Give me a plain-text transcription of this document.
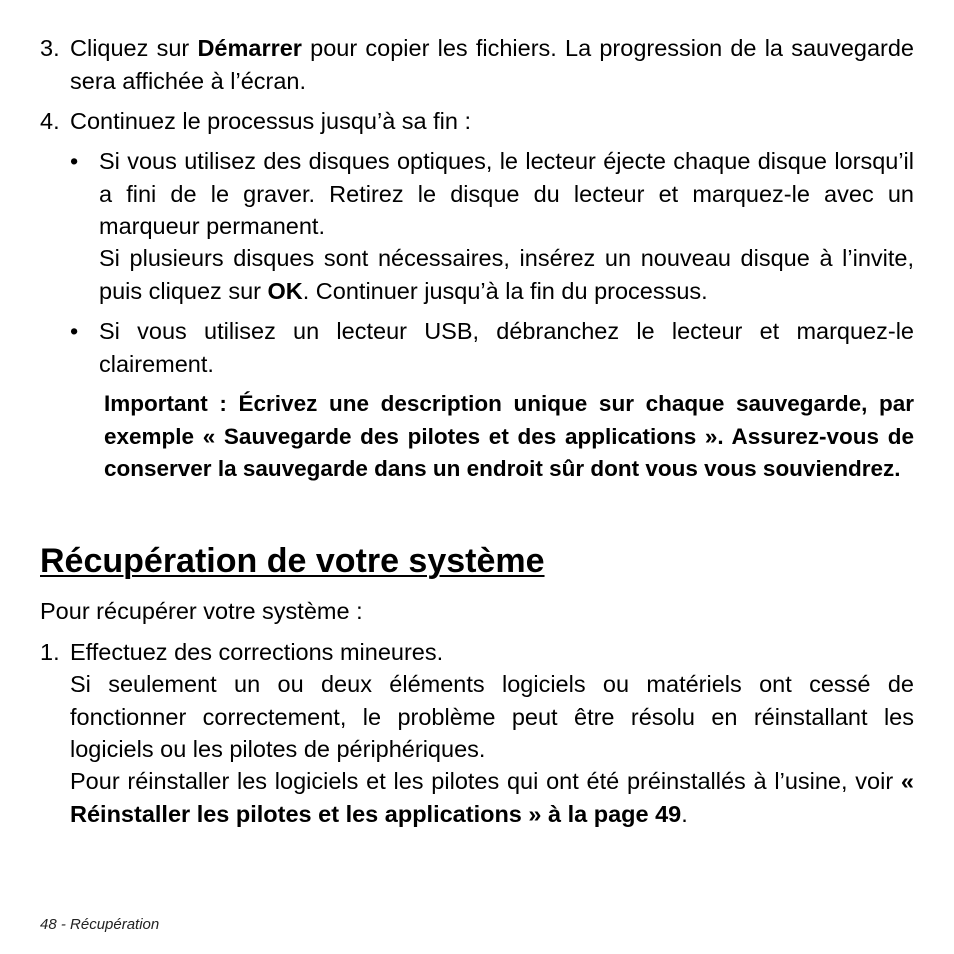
3. Cliquez sur Démarrer pour copier les fichiers. La progression de la sauvegarde sera affichée à l’écran.

4. Continuez le processus jusqu’à sa fin :

• Si vous utilisez des disques optiques, le lecteur éjecte chaque disque lorsqu’il a fini de le graver. Retirez le disque du lecteur et marquez-le avec un marqueur permanent.

Si plusieurs disques sont nécessaires, insérez un nouveau disque à l’invite, puis cliquez sur OK. Continuer jusqu’à la fin du processus.

• Si vous utilisez un lecteur USB, débranchez le lecteur et marquez-le clairement.

Important : Écrivez une description unique sur chaque sauvegarde, par exemple « Sauvegarde des pilotes et des applications ». Assurez-vous de conserver la sauvegarde dans un endroit sûr dont vous vous souviendrez.

Récupération de votre système

Pour récupérer votre système :

1. Effectuez des corrections mineures.

Si seulement un ou deux éléments logiciels ou matériels ont cessé de fonctionner correctement, le problème peut être résolu en réinstallant les logiciels ou les pilotes de périphériques.

Pour réinstaller les logiciels et les pilotes qui ont été préinstallés à l’usine, voir « Réinstaller les pilotes et les applications » à la page 49.

48 - Récupération
